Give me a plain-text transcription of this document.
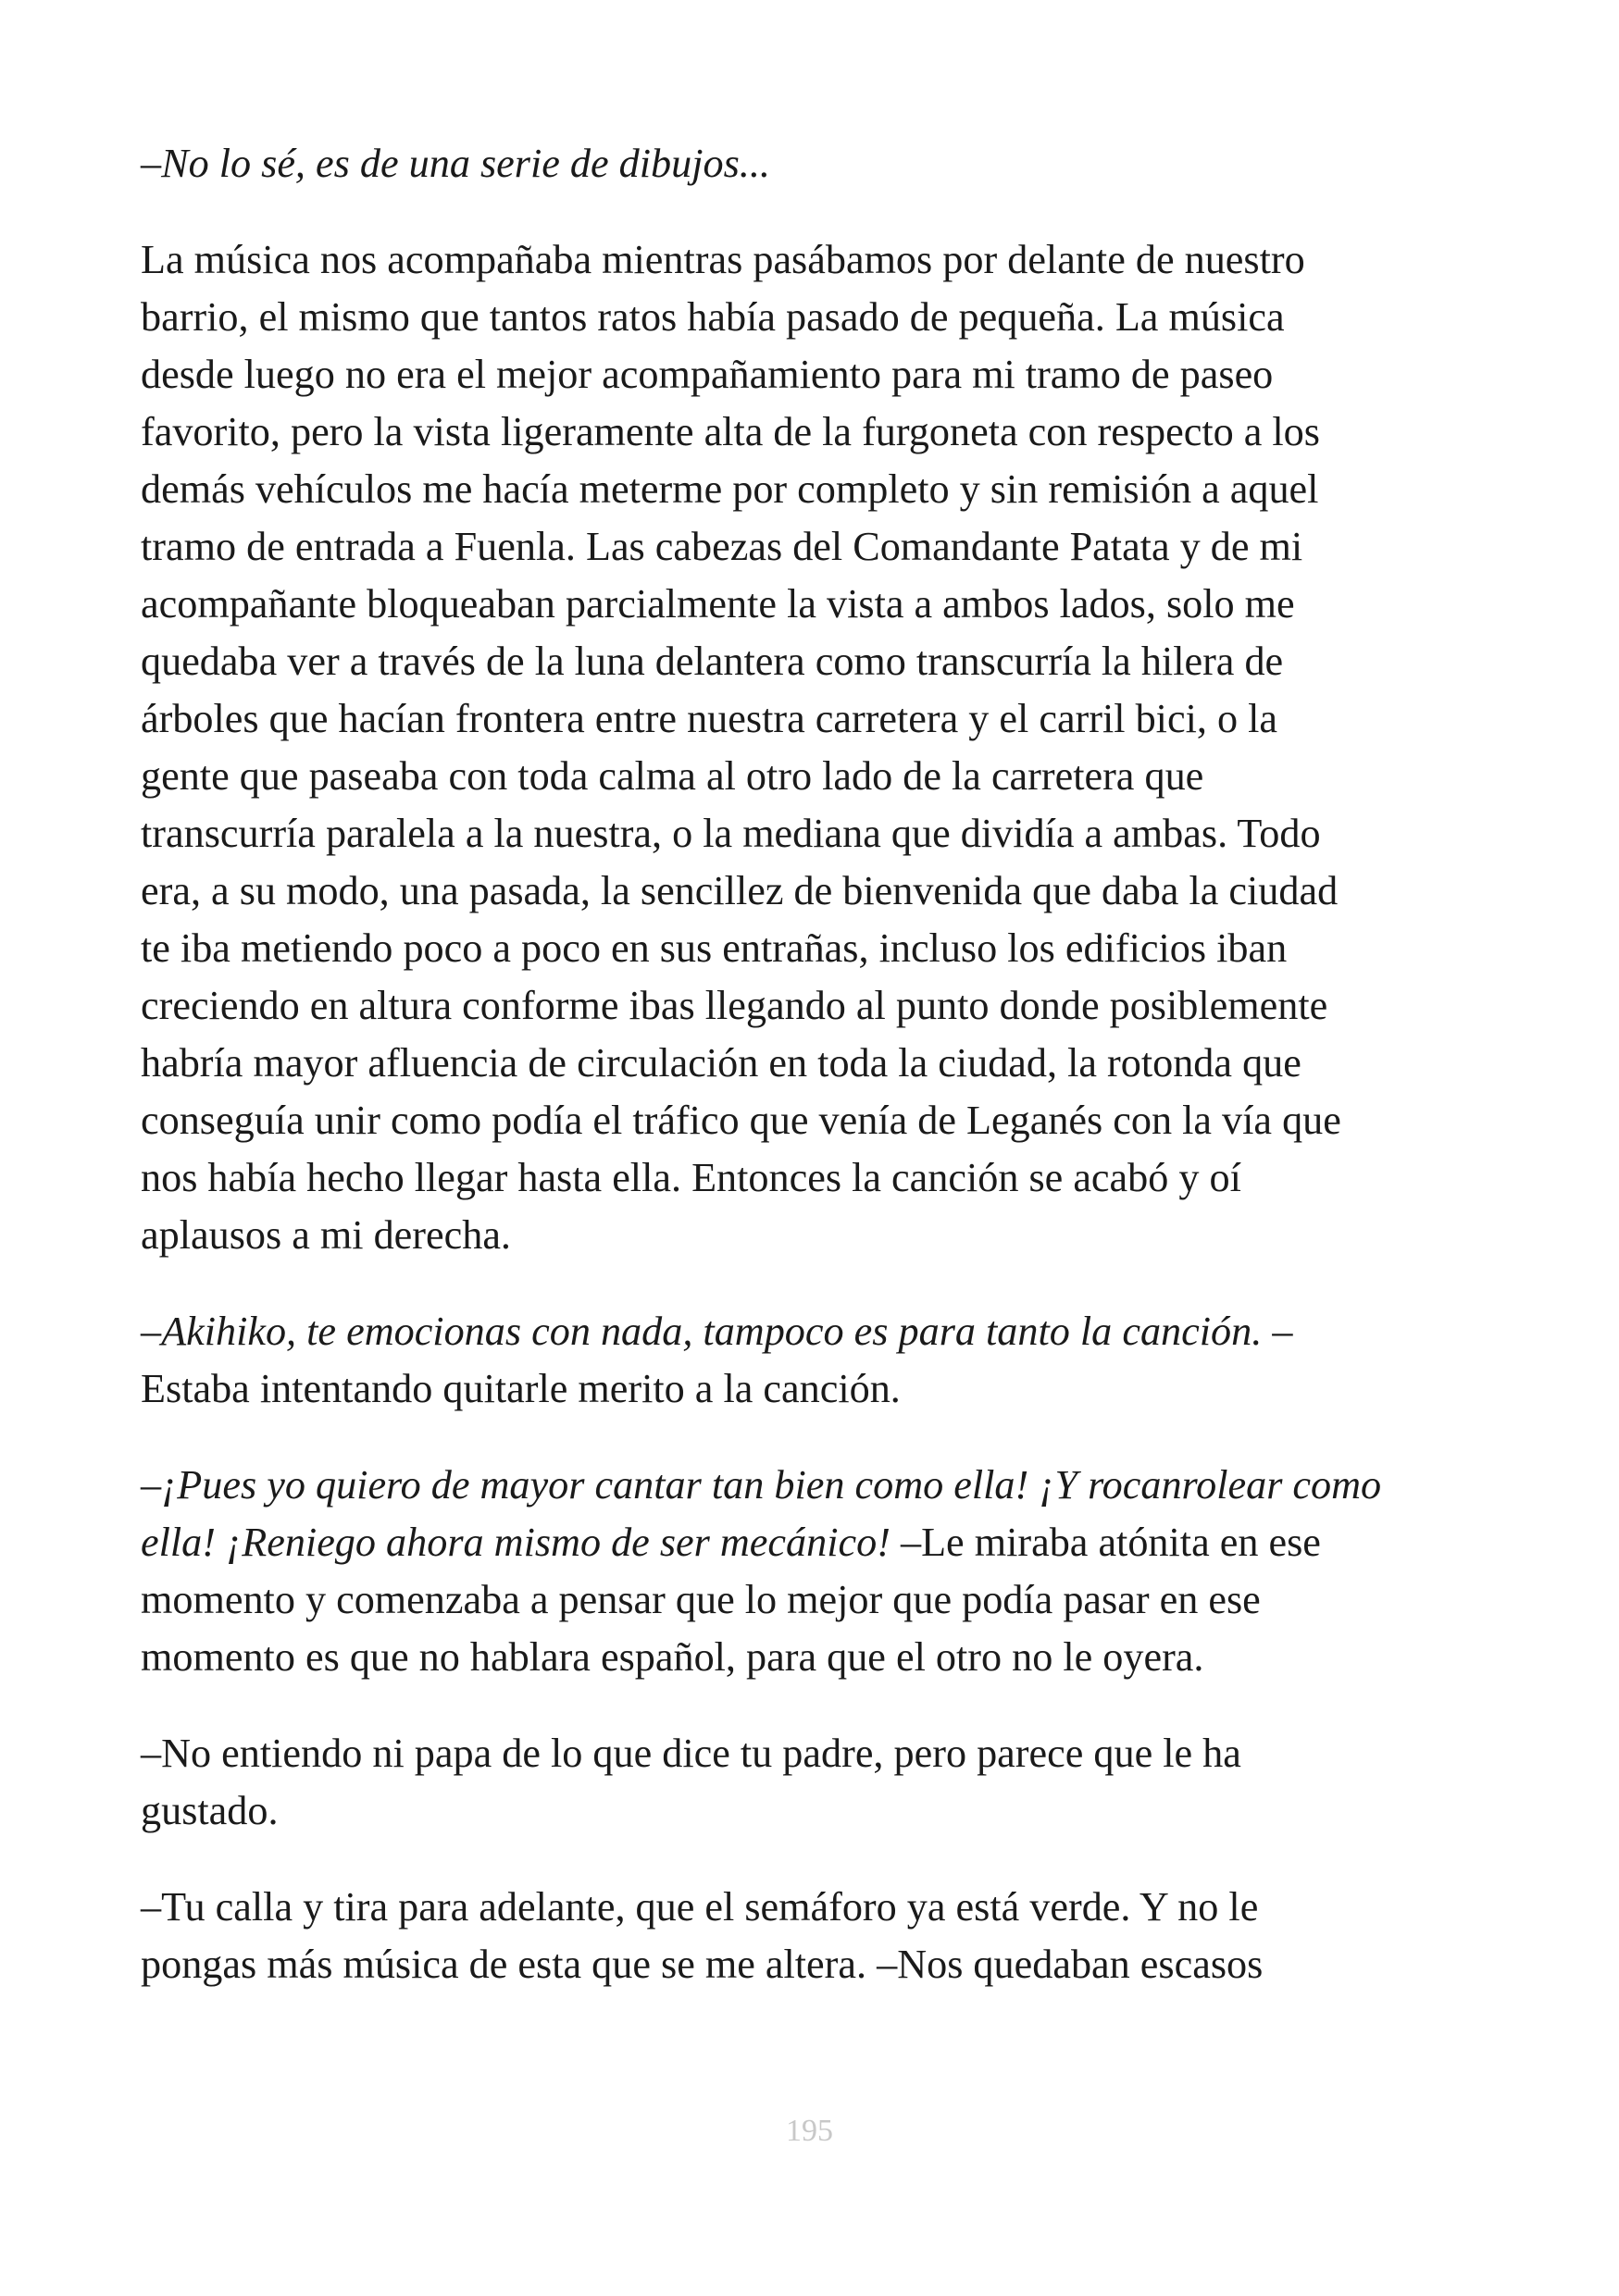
–No lo sé, es de una serie de dibujos...

La música nos acompañaba mientras pasábamos por delante de nuestro
barrio, el mismo que tantos ratos había pasado de pequeña. La música
desde luego no era el mejor acompañamiento para mi tramo de paseo
favorito, pero la vista ligeramente alta de la furgoneta con respecto a los
demás vehículos me hacía meterme por completo y sin remisión a aquel
tramo de entrada a Fuenla. Las cabezas del Comandante Patata y de mi
acompañante bloqueaban parcialmente la vista a ambos lados, solo me
quedaba ver a través de la luna delantera como transcurría la hilera de
árboles que hacían frontera entre nuestra carretera y el carril bici, o la
gente que paseaba con toda calma al otro lado de la carretera que
transcurría paralela a la nuestra, o la mediana que dividía a ambas. Todo
era, a su modo, una pasada, la sencillez de bienvenida que daba la ciudad
te iba metiendo poco a poco en sus entrañas, incluso los edificios iban
creciendo en altura conforme ibas llegando al punto donde posiblemente
habría mayor afluencia de circulación en toda la ciudad, la rotonda que
conseguía unir como podía el tráfico que venía de Leganés con la vía que
nos había hecho llegar hasta ella. Entonces la canción se acabó y oí
aplausos a mi derecha.

–Akihiko, te emocionas con nada, tampoco es para tanto la canción. –
Estaba intentando quitarle merito a la canción.

–¡Pues yo quiero de mayor cantar tan bien como ella! ¡Y rocanrolear como
ella! ¡Reniego ahora mismo de ser mecánico! –Le miraba atónita en ese
momento y comenzaba a pensar que lo mejor que podía pasar en ese
momento es que no hablara español, para que el otro no le oyera.

–No entiendo ni papa de lo que dice tu padre, pero parece que le ha
gustado.

–Tu calla y tira para adelante, que el semáforo ya está verde. Y no le
pongas más música de esta que se me altera. –Nos quedaban escasos

195
